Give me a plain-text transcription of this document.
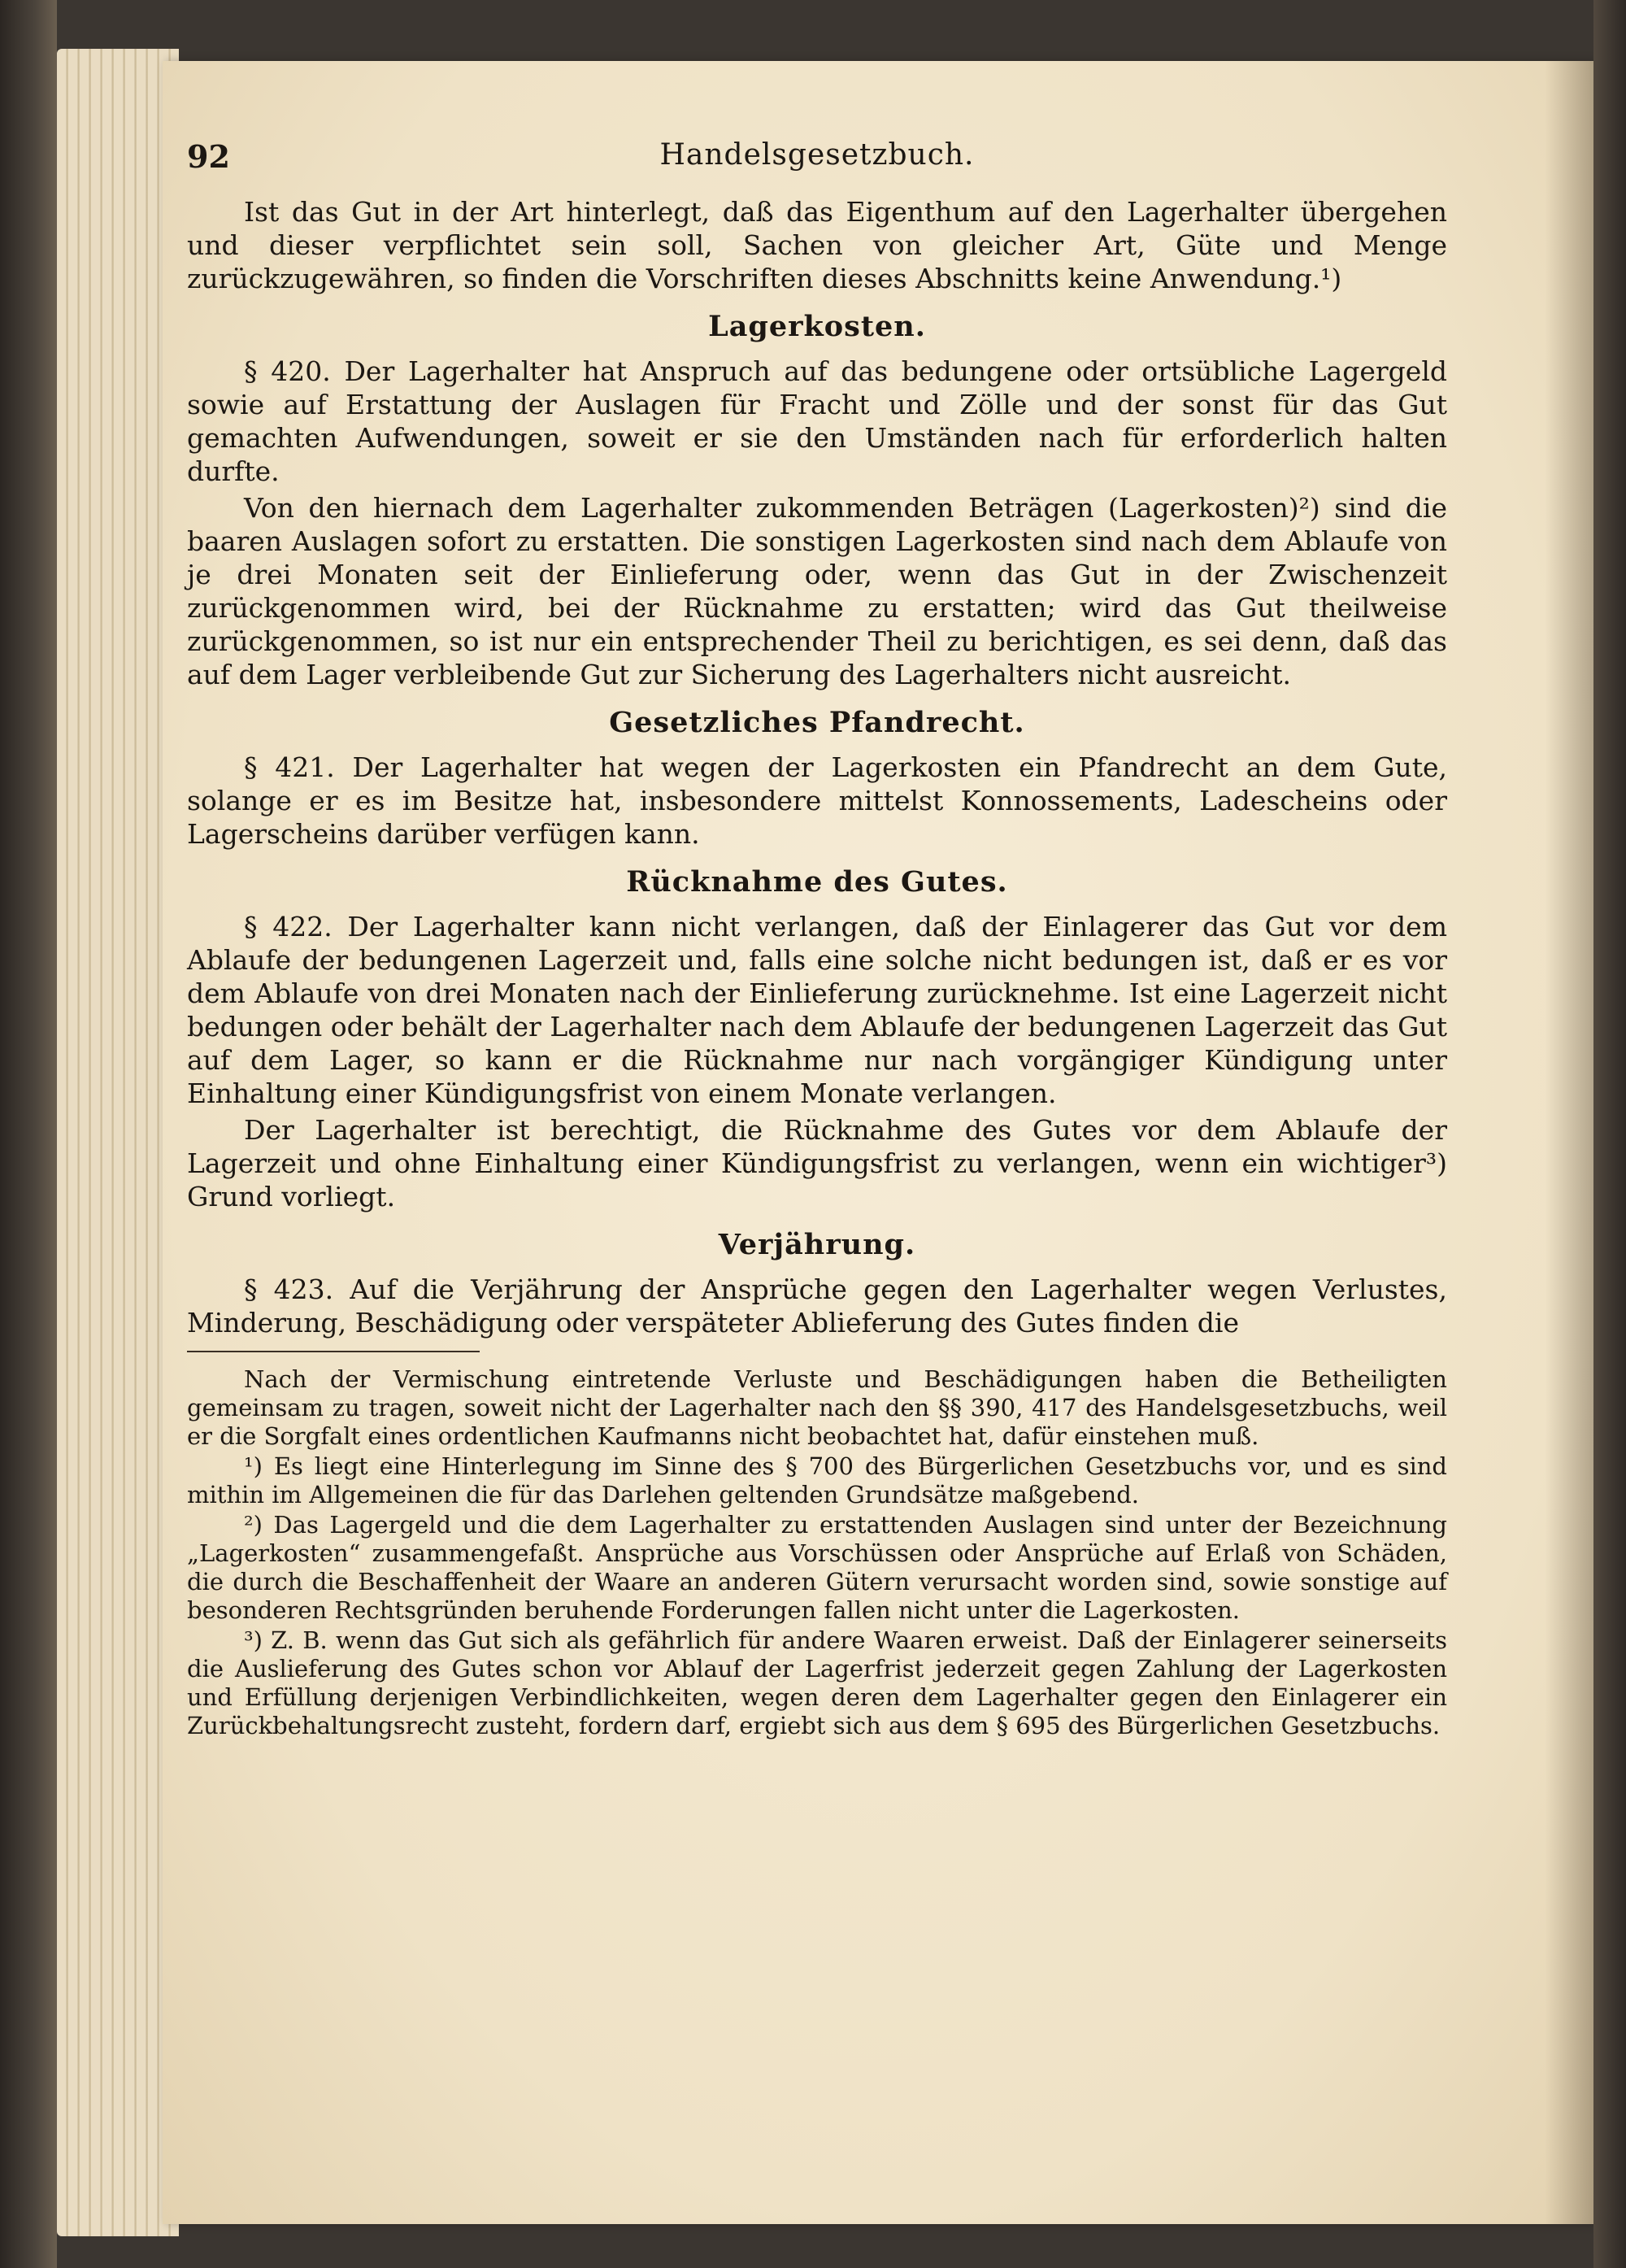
92	Handelsgesetzbuch.

Ist das Gut in der Art hinterlegt, daß das Eigenthum auf den Lagerhalter übergehen und dieser verpflichtet sein soll, Sachen von gleicher Art, Güte und Menge zurückzugewähren, so finden die Vorschriften dieses Abschnitts keine Anwendung.¹)

Lagerkosten.

§ 420. Der Lagerhalter hat Anspruch auf das bedungene oder ortsübliche Lagergeld sowie auf Erstattung der Auslagen für Fracht und Zölle und der sonst für das Gut gemachten Aufwendungen, soweit er sie den Umständen nach für erforderlich halten durfte.

Von den hiernach dem Lagerhalter zukommenden Beträgen (Lagerkosten)²) sind die baaren Auslagen sofort zu erstatten. Die sonstigen Lagerkosten sind nach dem Ablaufe von je drei Monaten seit der Einlieferung oder, wenn das Gut in der Zwischenzeit zurückgenommen wird, bei der Rücknahme zu erstatten; wird das Gut theilweise zurückgenommen, so ist nur ein entsprechender Theil zu berichtigen, es sei denn, daß das auf dem Lager verbleibende Gut zur Sicherung des Lagerhalters nicht ausreicht.

Gesetzliches Pfandrecht.

§ 421. Der Lagerhalter hat wegen der Lagerkosten ein Pfandrecht an dem Gute, solange er es im Besitze hat, insbesondere mittelst Konnossements, Ladescheins oder Lagerscheins darüber verfügen kann.

Rücknahme des Gutes.

§ 422. Der Lagerhalter kann nicht verlangen, daß der Einlagerer das Gut vor dem Ablaufe der bedungenen Lagerzeit und, falls eine solche nicht bedungen ist, daß er es vor dem Ablaufe von drei Monaten nach der Einlieferung zurücknehme. Ist eine Lagerzeit nicht bedungen oder behält der Lagerhalter nach dem Ablaufe der bedungenen Lagerzeit das Gut auf dem Lager, so kann er die Rücknahme nur nach vorgängiger Kündigung unter Einhaltung einer Kündigungsfrist von einem Monate verlangen.

Der Lagerhalter ist berechtigt, die Rücknahme des Gutes vor dem Ablaufe der Lagerzeit und ohne Einhaltung einer Kündigungsfrist zu verlangen, wenn ein wichtiger³) Grund vorliegt.

Verjährung.

§ 423. Auf die Verjährung der Ansprüche gegen den Lagerhalter wegen Verlustes, Minderung, Beschädigung oder verspäteter Ablieferung des Gutes finden die

Nach der Vermischung eintretende Verluste und Beschädigungen haben die Betheiligten gemeinsam zu tragen, soweit nicht der Lagerhalter nach den §§ 390, 417 des Handelsgesetzbuchs, weil er die Sorgfalt eines ordentlichen Kaufmanns nicht beobachtet hat, dafür einstehen muß.

¹) Es liegt eine Hinterlegung im Sinne des § 700 des Bürgerlichen Gesetzbuchs vor, und es sind mithin im Allgemeinen die für das Darlehen geltenden Grundsätze maßgebend.

²) Das Lagergeld und die dem Lagerhalter zu erstattenden Auslagen sind unter der Bezeichnung „Lagerkosten“ zusammengefaßt. Ansprüche aus Vorschüssen oder Ansprüche auf Erlaß von Schäden, die durch die Beschaffenheit der Waare an anderen Gütern verursacht worden sind, sowie sonstige auf besonderen Rechtsgründen beruhende Forderungen fallen nicht unter die Lagerkosten.

³) Z. B. wenn das Gut sich als gefährlich für andere Waaren erweist. Daß der Einlagerer seinerseits die Auslieferung des Gutes schon vor Ablauf der Lagerfrist jederzeit gegen Zahlung der Lagerkosten und Erfüllung derjenigen Verbindlichkeiten, wegen deren dem Lagerhalter gegen den Einlagerer ein Zurückbehaltungsrecht zusteht, fordern darf, ergiebt sich aus dem § 695 des Bürgerlichen Gesetzbuchs.
